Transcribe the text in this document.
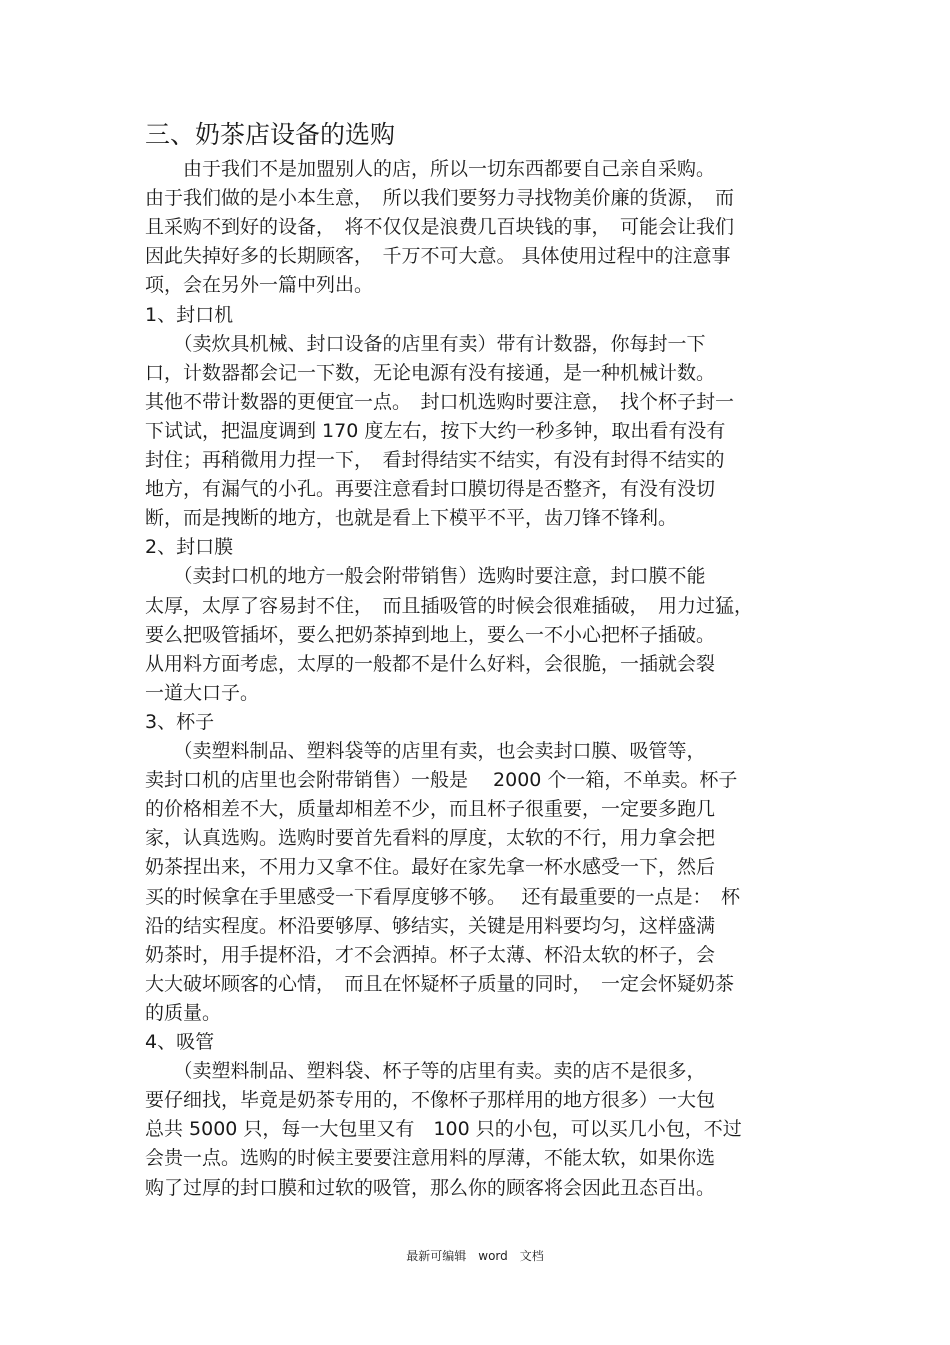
三、奶茶店设备的选购
　　由于我们不是加盟别人的店，所以一切东西都要自己亲自采购。
由于我们做的是小本生意，　所以我们要努力寻找物美价廉的货源，　而
且采购不到好的设备，　将不仅仅是浪费几百块钱的事，　可能会让我们
因此失掉好多的长期顾客，　千万不可大意。 具体使用过程中的注意事
项，会在另外一篇中列出。
1、封口机
　　（卖炊具机械、封口设备的店里有卖）带有计数器，你每封一下
口，计数器都会记一下数，无论电源有没有接通，是一种机械计数。
其他不带计数器的更便宜一点。　封口机选购时要注意，　找个杯子封一
下试试，把温度调到 170 度左右，按下大约一秒多钟，取出看有没有
封住；再稍微用力捏一下，　看封得结实不结实，有没有封得不结实的
地方，有漏气的小孔。再要注意看封口膜切得是否整齐，有没有没切
断，而是拽断的地方，也就是看上下模平不平，齿刀锋不锋利。
2、封口膜
　　（卖封口机的地方一般会附带销售）选购时要注意，封口膜不能
太厚，太厚了容易封不住，　而且插吸管的时候会很难插破，　用力过猛，
要么把吸管插坏，要么把奶茶掉到地上，要么一不小心把杯子插破。
从用料方面考虑，太厚的一般都不是什么好料，会很脆，一插就会裂
一道大口子。
3、杯子
　　（卖塑料制品、塑料袋等的店里有卖，也会卖封口膜、吸管等，
卖封口机的店里也会附带销售）一般是　 2000 个一箱，不单卖。杯子
的价格相差不大，质量却相差不少，而且杯子很重要，一定要多跑几
家，认真选购。选购时要首先看料的厚度，太软的不行，用力拿会把
奶茶捏出来，不用力又拿不住。最好在家先拿一杯水感受一下，然后
买的时候拿在手里感受一下看厚度够不够。　 还有最重要的一点是：　杯
沿的结实程度。杯沿要够厚、够结实，关键是用料要均匀，这样盛满
奶茶时，用手提杯沿，才不会洒掉。杯子太薄、杯沿太软的杯子，会
大大破坏顾客的心情，　而且在怀疑杯子质量的同时，　一定会怀疑奶茶
的质量。
4、吸管
　　（卖塑料制品、塑料袋、杯子等的店里有卖。卖的店不是很多，
要仔细找，毕竟是奶茶专用的，不像杯子那样用的地方很多）一大包
总共 5000 只，每一大包里又有　100 只的小包，可以买几小包，不过
会贵一点。选购的时候主要要注意用料的厚薄，不能太软，如果你选
购了过厚的封口膜和过软的吸管，那么你的顾客将会因此丑态百出。
最新可编辑　word　文档
